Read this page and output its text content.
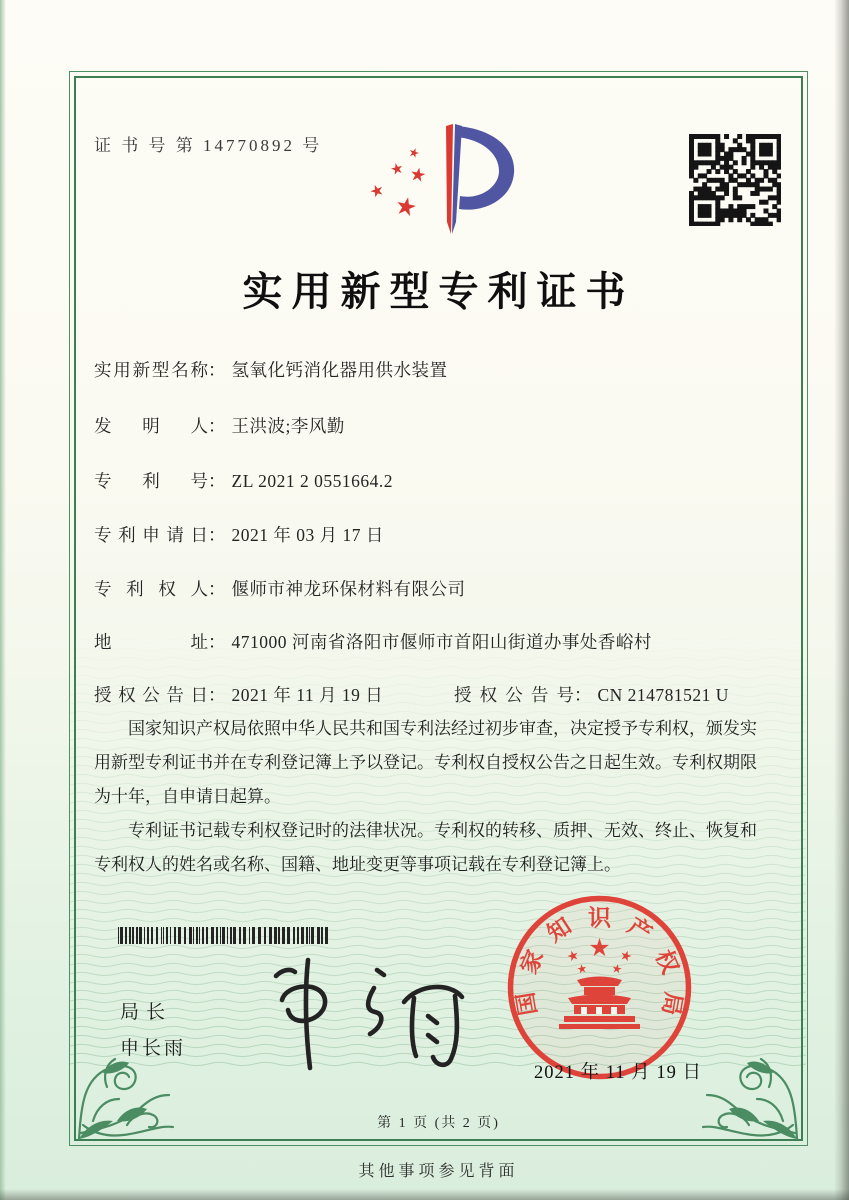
证 书 号 第 14770892 号
实用新型专利证书
实用新型名称： 氢氧化钙消化器用供水装置
发明人： 王洪波;李风勤
专利号： ZL 2021 2 0551664.2
专利申请日： 2021 年 03 月 17 日
专利权人： 偃师市神龙环保材料有限公司
地址： 471000 河南省洛阳市偃师市首阳山街道办事处香峪村
授权公告日： 2021 年 11 月 19 日	授权公告号： CN 214781521 U

国家知识产权局依照中华人民共和国专利法经过初步审查，决定授予专利权，颁发实用新型专利证书并在专利登记簿上予以登记。专利权自授权公告之日起生效。专利权期限为十年，自申请日起算。

专利证书记载专利权登记时的法律状况。专利权的转移、质押、无效、终止、恢复和专利权人的姓名或名称、国籍、地址变更等事项记载在专利登记簿上。

局长
申长雨
国家知识产权局
2021 年 11 月 19 日
第 1 页 (共 2 页)
其他事项参见背面
